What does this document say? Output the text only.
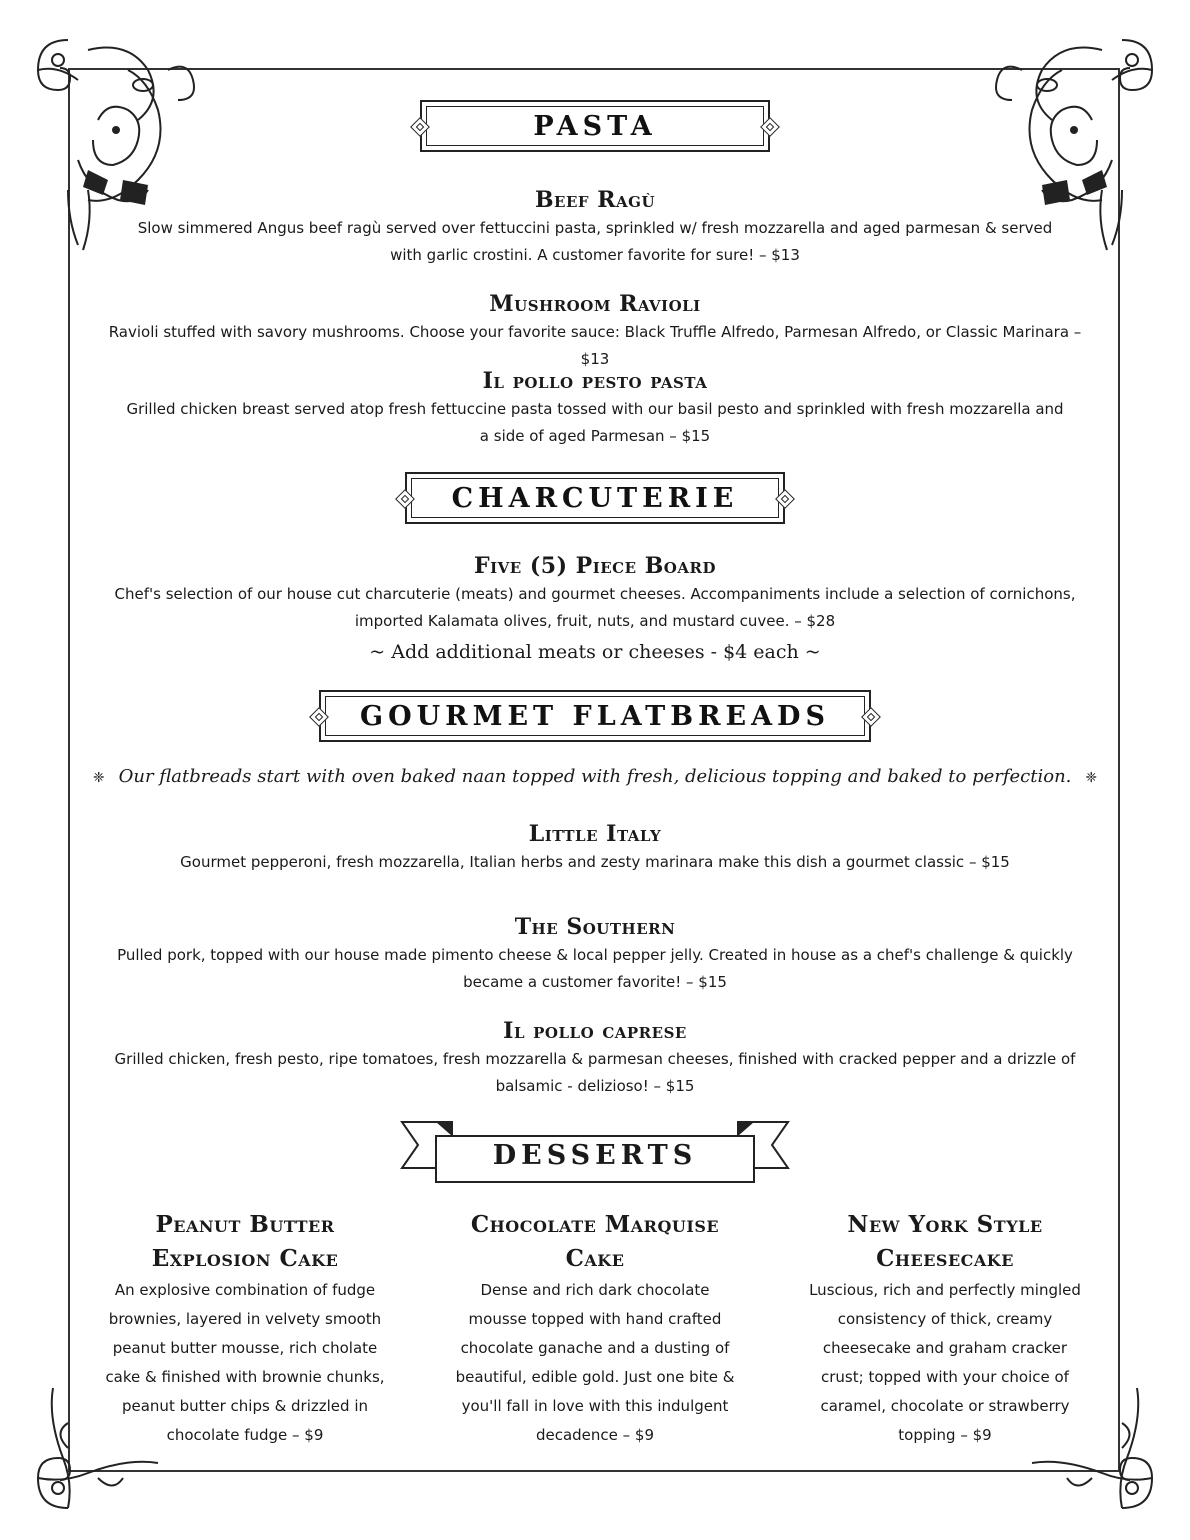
PASTA
Beef Ragù

Slow simmered Angus beef ragù served over fettuccini pasta, sprinkled w/ fresh mozzarella and aged parmesan & served with garlic crostini. A customer favorite for sure! – $13

Mushroom Ravioli

Ravioli stuffed with savory mushrooms. Choose your favorite sauce: Black Truffle Alfredo, Parmesan Alfredo, or Classic Marinara – $13

Il pollo pesto pasta

Grilled chicken breast served atop fresh fettuccine pasta tossed with our basil pesto and sprinkled with fresh mozzarella and a side of aged Parmesan – $15

CHARCUTERIE
Five (5) Piece Board

Chef's selection of our house cut charcuterie (meats) and gourmet cheeses. Accompaniments include a selection of cornichons, imported Kalamata olives, fruit, nuts, and mustard cuvee. – $28

~ Add additional meats or cheeses - $4 each ~
GOURMET FLATBREADS
❈ Our flatbreads start with oven baked naan topped with fresh, delicious topping and baked to perfection. ❈
Little Italy

Gourmet pepperoni, fresh mozzarella, Italian herbs and zesty marinara make this dish a gourmet classic – $15

The Southern

Pulled pork, topped with our house made pimento cheese & local pepper jelly. Created in house as a chef's challenge & quickly became a customer favorite! – $15

Il pollo caprese

Grilled chicken, fresh pesto, ripe tomatoes, fresh mozzarella & parmesan cheeses, finished with cracked pepper and a drizzle of balsamic - delizioso! – $15

DESSERTS
Peanut Butter Explosion Cake

An explosive combination of fudge brownies, layered in velvety smooth peanut butter mousse, rich cholate cake & finished with brownie chunks, peanut butter chips & drizzled in chocolate fudge – $9

Chocolate Marquise Cake

Dense and rich dark chocolate mousse topped with hand crafted chocolate ganache and a dusting of beautiful, edible gold. Just one bite & you'll fall in love with this indulgent decadence – $9

New York Style Cheesecake

Luscious, rich and perfectly mingled consistency of thick, creamy cheesecake and graham cracker crust; topped with your choice of caramel, chocolate or strawberry topping – $9
